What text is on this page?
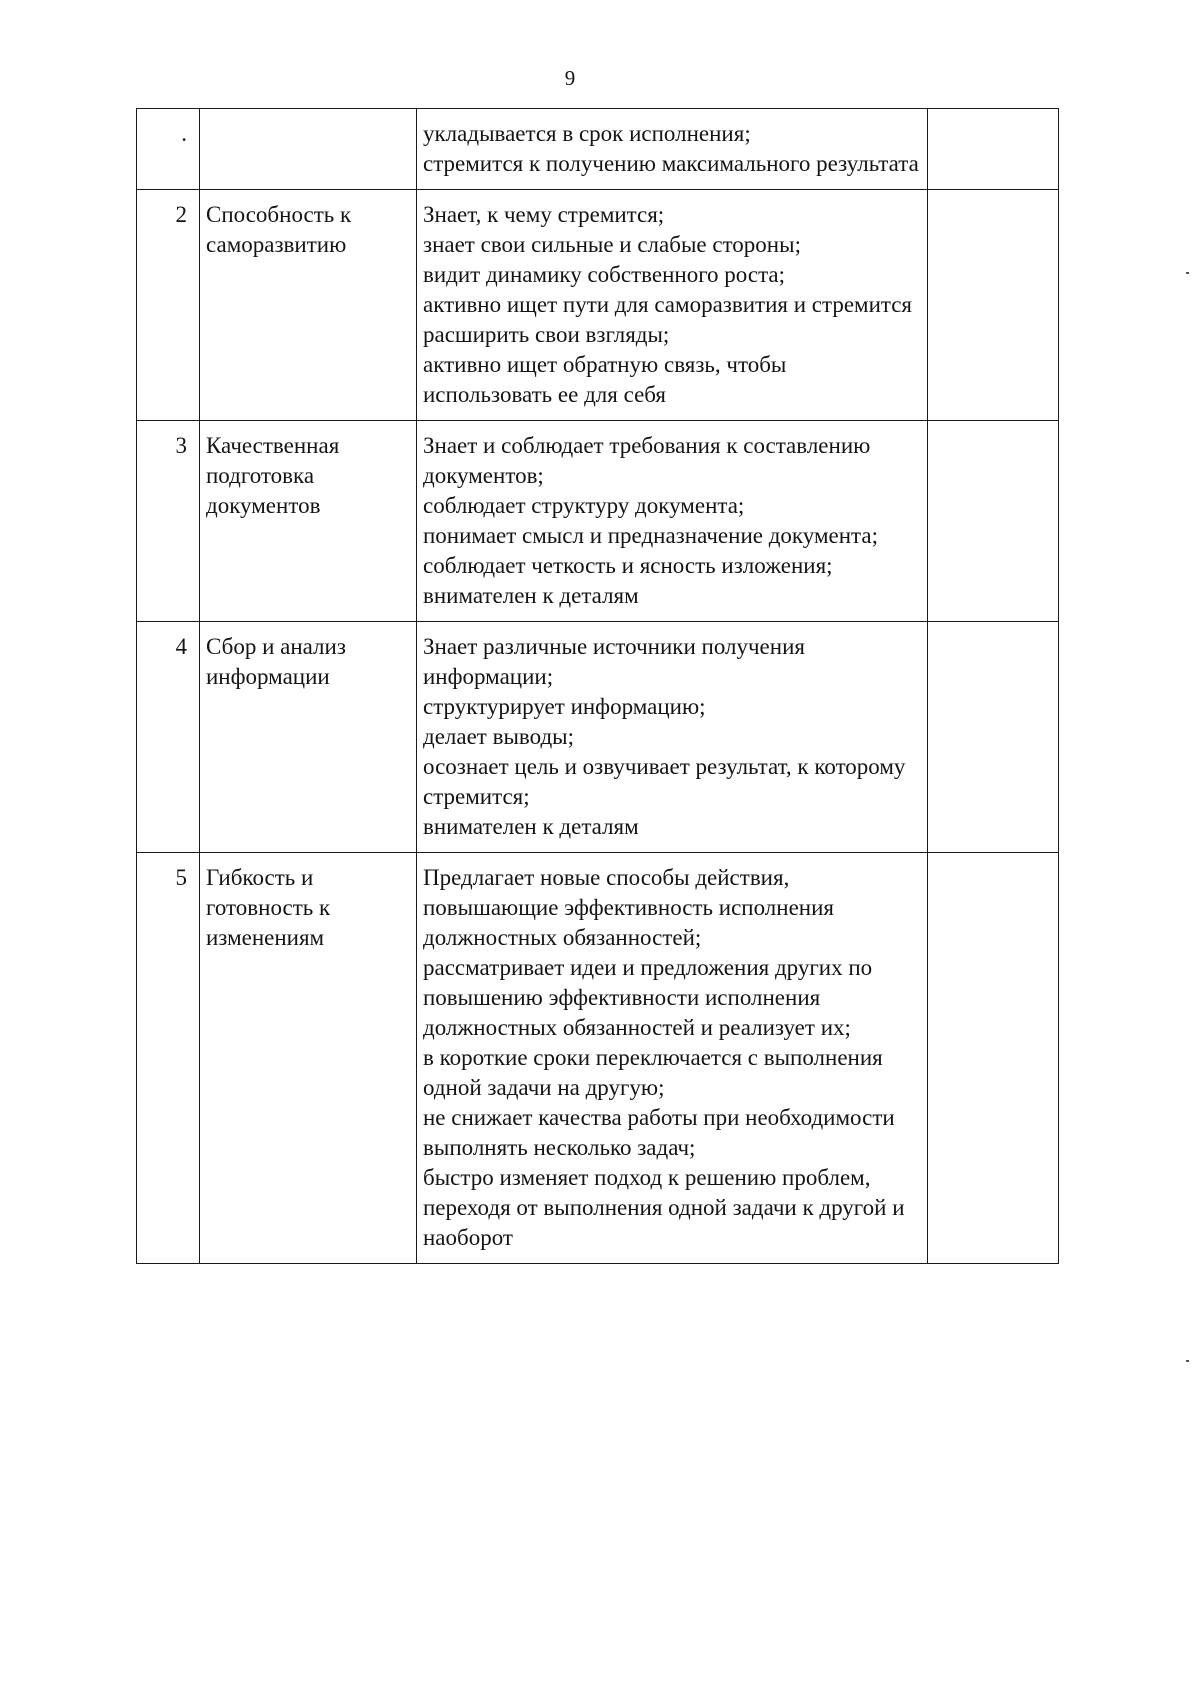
9
.		укладывается в срок исполнения;
стремится к получению максимального результата	

2	Способность к саморазвитию	Знает, к чему стремится;
знает свои сильные и слабые стороны;
видит динамику собственного роста;
активно ищет пути для саморазвития и стремится расширить свои взгляды;
активно ищет обратную связь, чтобы использовать ее для себя	

3	Качественная подготовка документов	Знает и соблюдает требования к составлению документов;
соблюдает структуру документа;
понимает смысл и предназначение документа;
соблюдает четкость и ясность изложения;
внимателен к деталям	

4	Сбор и анализ информации	Знает различные источники получения информации;
структурирует информацию;
делает выводы;
осознает цель и озвучивает результат, к которому стремится;
внимателен к деталям	

5	Гибкость и готовность к изменениям	Предлагает новые способы действия, повышающие эффективность исполнения должностных обязанностей;
рассматривает идеи и предложения других по повышению эффективности исполнения должностных обязанностей и реализует их;
в короткие сроки переключается с выполнения одной задачи на другую;
не снижает качества работы при необходимости выполнять несколько задач;
быстро изменяет подход к решению проблем, переходя от выполнения одной задачи к другой и наоборот	
